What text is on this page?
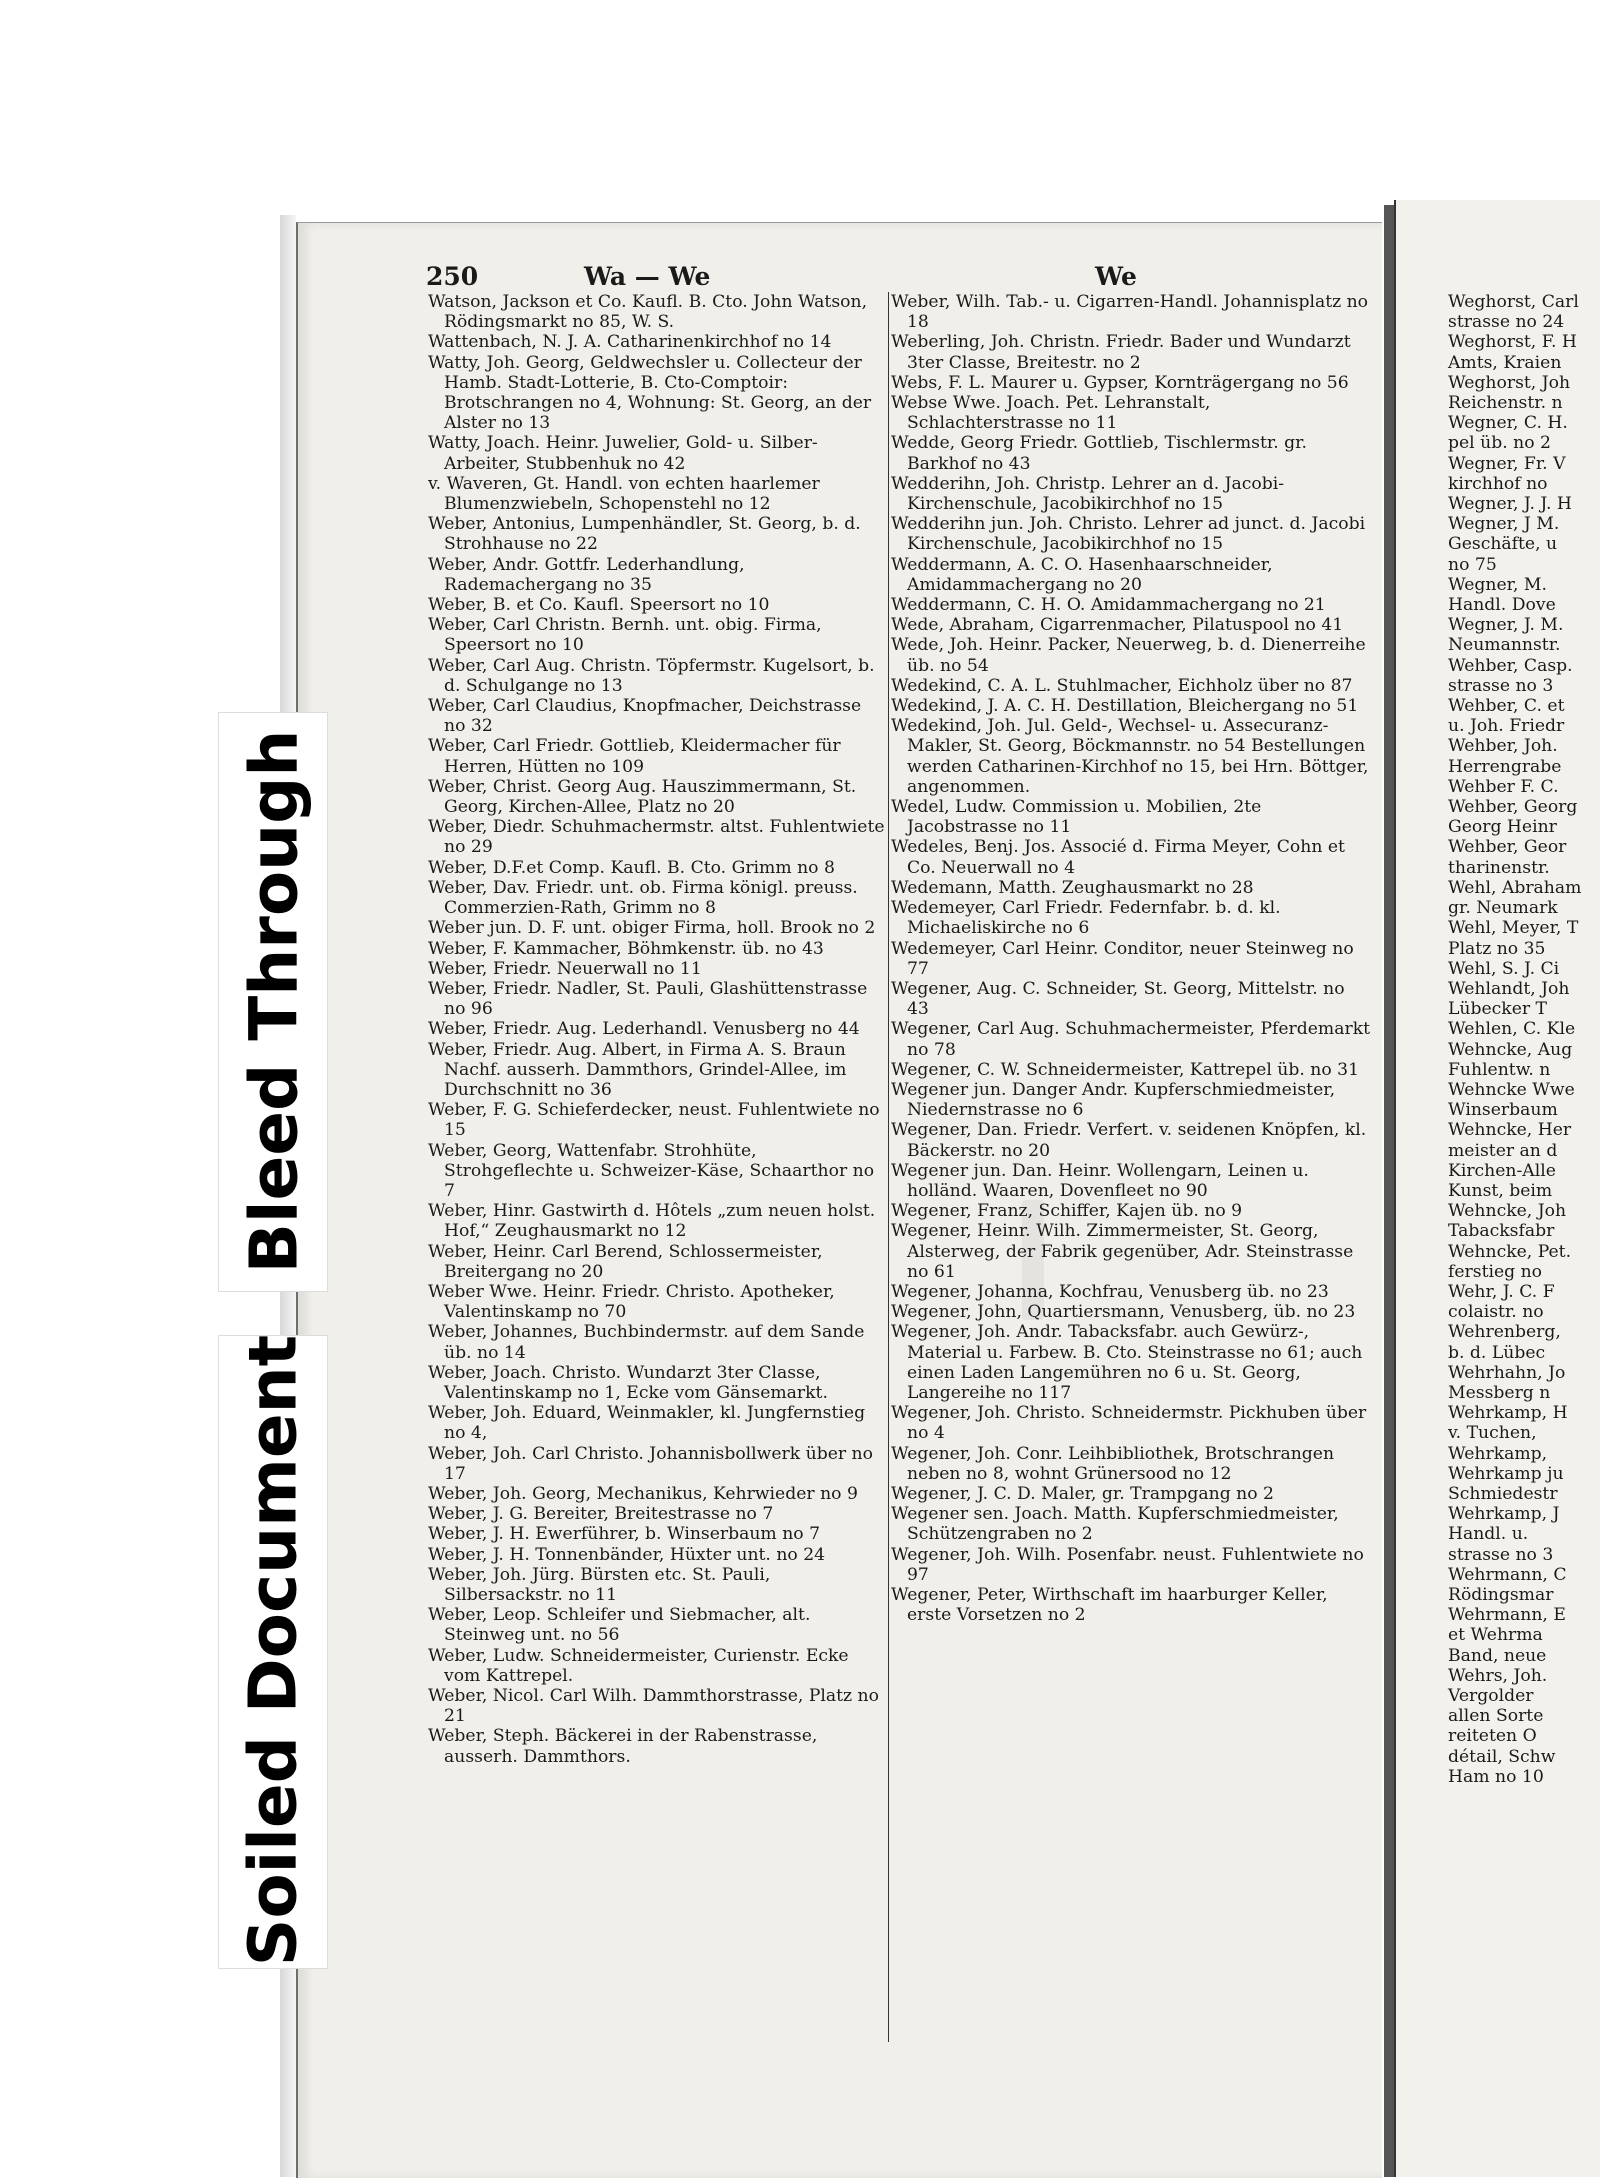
250	Wa — We	We
Watson, Jackson et Co. Kaufl. B. Cto. John Watson, Rödingsmarkt no 85, W. S.
Wattenbach, N. J. A. Catharinenkirchhof no 14
Watty, Joh. Georg, Geldwechsler u. Collecteur der Hamb. Stadt-Lotterie, B. Cto-Comptoir: Brotschrangen no 4, Wohnung: St. Georg, an der Alster no 13
Watty, Joach. Heinr. Juwelier, Gold- u. Silber-Arbeiter, Stubbenhuk no 42
v. Waveren, Gt. Handl. von echten haarlemer Blumenzwiebeln, Schopenstehl no 12
Weber, Antonius, Lumpenhändler, St. Georg, b. d. Strohhause no 22
Weber, Andr. Gottfr. Lederhandlung, Rademachergang no 35
Weber, B. et Co. Kaufl. Speersort no 10
Weber, Carl Christn. Bernh. unt. obig. Firma, Speersort no 10
Weber, Carl Aug. Christn. Töpfermstr. Kugelsort, b. d. Schulgange no 13
Weber, Carl Claudius, Knopfmacher, Deichstrasse no 32
Weber, Carl Friedr. Gottlieb, Kleidermacher für Herren, Hütten no 109
Weber, Christ. Georg Aug. Hauszimmermann, St. Georg, Kirchen-Allee, Platz no 20
Weber, Diedr. Schuhmachermstr. altst. Fuhlentwiete no 29
Weber, D.F.et Comp. Kaufl. B. Cto. Grimm no 8
Weber, Dav. Friedr. unt. ob. Firma königl. preuss. Commerzien-Rath, Grimm no 8
Weber jun. D. F. unt. obiger Firma, holl. Brook no 2
Weber, F. Kammacher, Böhmkenstr. üb. no 43
Weber, Friedr. Neuerwall no 11
Weber, Friedr. Nadler, St. Pauli, Glashüttenstrasse no 96
Weber, Friedr. Aug. Lederhandl. Venusberg no 44
Weber, Friedr. Aug. Albert, in Firma A. S. Braun Nachf. ausserh. Dammthors, Grindel-Allee, im Durchschnitt no 36
Weber, F. G. Schieferdecker, neust. Fuhlentwiete no 15
Weber, Georg, Wattenfabr. Strohhüte, Strohgeflechte u. Schweizer-Käse, Schaarthor no 7
Weber, Hinr. Gastwirth d. Hôtels „zum neuen holst. Hof,“ Zeughausmarkt no 12
Weber, Heinr. Carl Berend, Schlossermeister, Breitergang no 20
Weber Wwe. Heinr. Friedr. Christo. Apotheker, Valentinskamp no 70
Weber, Johannes, Buchbindermstr. auf dem Sande üb. no 14
Weber, Joach. Christo. Wundarzt 3ter Classe, Valentinskamp no 1, Ecke vom Gänsemarkt.
Weber, Joh. Eduard, Weinmakler, kl. Jungfernstieg no 4,
Weber, Joh. Carl Christo. Johannisbollwerk über no 17
Weber, Joh. Georg, Mechanikus, Kehrwieder no 9
Weber, J. G. Bereiter, Breitestrasse no 7
Weber, J. H. Ewerführer, b. Winserbaum no 7
Weber, J. H. Tonnenbänder, Hüxter unt. no 24
Weber, Joh. Jürg. Bürsten etc. St. Pauli, Silbersackstr. no 11
Weber, Leop. Schleifer und Siebmacher, alt. Steinweg unt. no 56
Weber, Ludw. Schneidermeister, Curienstr. Ecke vom Kattrepel.
Weber, Nicol. Carl Wilh. Dammthorstrasse, Platz no 21
Weber, Steph. Bäckerei in der Rabenstrasse, ausserh. Dammthors.
Weber, Wilh. Tab.- u. Cigarren-Handl. Johannisplatz no 18
Weberling, Joh. Christn. Friedr. Bader und Wundarzt 3ter Classe, Breitestr. no 2
Webs, F. L. Maurer u. Gypser, Kornträgergang no 56
Webse Wwe. Joach. Pet. Lehranstalt, Schlachterstrasse no 11
Wedde, Georg Friedr. Gottlieb, Tischlermstr. gr. Barkhof no 43
Wedderihn, Joh. Christp. Lehrer an d. Jacobi-Kirchenschule, Jacobikirchhof no 15
Wedderihn jun. Joh. Christo. Lehrer ad junct. d. Jacobi Kirchenschule, Jacobikirchhof no 15
Weddermann, A. C. O. Hasenhaarschneider, Amidammachergang no 20
Weddermann, C. H. O. Amidammachergang no 21
Wede, Abraham, Cigarrenmacher, Pilatuspool no 41
Wede, Joh. Heinr. Packer, Neuerweg, b. d. Dienerreihe üb. no 54
Wedekind, C. A. L. Stuhlmacher, Eichholz über no 87
Wedekind, J. A. C. H. Destillation, Bleichergang no 51
Wedekind, Joh. Jul. Geld-, Wechsel- u. Assecuranz-Makler, St. Georg, Böckmannstr. no 54 Bestellungen werden Catharinen-Kirchhof no 15, bei Hrn. Böttger, angenommen.
Wedel, Ludw. Commission u. Mobilien, 2te Jacobstrasse no 11
Wedeles, Benj. Jos. Associé d. Firma Meyer, Cohn et Co. Neuerwall no 4
Wedemann, Matth. Zeughausmarkt no 28
Wedemeyer, Carl Friedr. Federnfabr. b. d. kl. Michaeliskirche no 6
Wedemeyer, Carl Heinr. Conditor, neuer Steinweg no 77
Wegener, Aug. C. Schneider, St. Georg, Mittelstr. no 43
Wegener, Carl Aug. Schuhmachermeister, Pferdemarkt no 78
Wegener, C. W. Schneidermeister, Kattrepel üb. no 31
Wegener jun. Danger Andr. Kupferschmiedmeister, Niedernstrasse no 6
Wegener, Dan. Friedr. Verfert. v. seidenen Knöpfen, kl. Bäckerstr. no 20
Wegener jun. Dan. Heinr. Wollengarn, Leinen u. holländ. Waaren, Dovenfleet no 90
Wegener, Franz, Schiffer, Kajen üb. no 9
Wegener, Heinr. Wilh. Zimmermeister, St. Georg, Alsterweg, der Fabrik gegenüber, Adr. Steinstrasse no 61
Wegener, Johanna, Kochfrau, Venusberg üb. no 23
Wegener, John, Quartiersmann, Venusberg, üb. no 23
Wegener, Joh. Andr. Tabacksfabr. auch Gewürz-, Material u. Farbew. B. Cto. Steinstrasse no 61; auch einen Laden Langemühren no 6 u. St. Georg, Langereihe no 117
Wegener, Joh. Christo. Schneidermstr. Pickhuben über no 4
Wegener, Joh. Conr. Leihbibliothek, Brotschrangen neben no 8, wohnt Grünersood no 12
Wegener, J. C. D. Maler, gr. Trampgang no 2
Wegener sen. Joach. Matth. Kupferschmiedmeister, Schützengraben no 2
Wegener, Joh. Wilh. Posenfabr. neust. Fuhlentwiete no 97
Wegener, Peter, Wirthschaft im haarburger Keller, erste Vorsetzen no 2
Weghorst, Carl
strasse no 24
Weghorst, F. H
Amts, Kraien
Weghorst, Joh
Reichenstr. n
Wegner, C. H.
pel üb. no 2
Wegner, Fr. V
kirchhof no
Wegner, J. J. H
Wegner, J M.
Geschäfte, u
no 75
Wegner, M.
Handl. Dove
Wegner, J. M.
Neumannstr.
Wehber, Casp.
strasse no 3
Wehber, C. et
u. Joh. Friedr
Wehber, Joh.
Herrengrabe
Wehber F. C.
Wehber, Georg
Georg Heinr
Wehber, Geor
tharinenstr.
Wehl, Abraham
gr. Neumark
Wehl, Meyer, T
Platz no 35
Wehl, S. J. Ci
Wehlandt, Joh
Lübecker T
Wehlen, C. Kle
Wehncke, Aug
Fuhlentw. n
Wehncke Wwe
Winserbaum
Wehncke, Her
meister an d
Kirchen-Alle
Kunst, beim
Wehncke, Joh
Tabacksfabr
Wehncke, Pet.
ferstieg no
Wehr, J. C. F
colaistr. no
Wehrenberg,
b. d. Lübec
Wehrhahn, Jo
Messberg n
Wehrkamp, H
v. Tuchen,
Wehrkamp,
Wehrkamp ju
Schmiedestr
Wehrkamp, J
Handl. u.
strasse no 3
Wehrmann, C
Rödingsmar
Wehrmann, E
et Wehrma
Band, neue
Wehrs, Joh.
Vergolder
allen Sorte
reiteten O
détail, Schw
Ham no 10
Bleed Through
Soiled Document
